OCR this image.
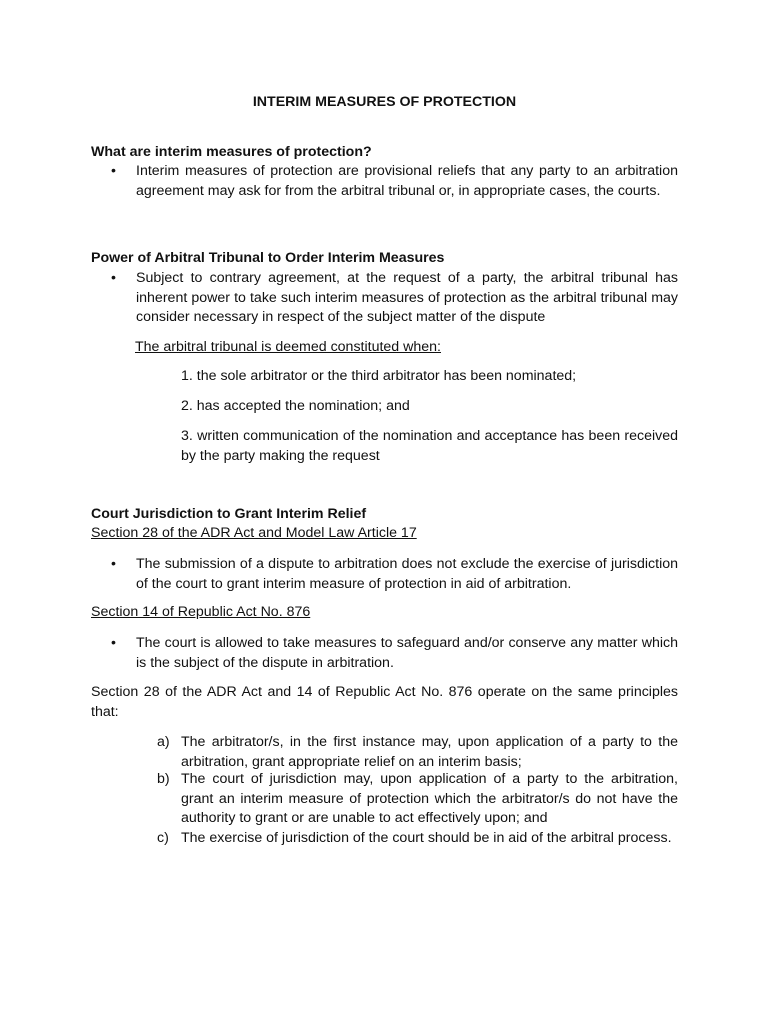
INTERIM MEASURES OF PROTECTION
What are interim measures of protection?
• Interim measures of protection are provisional reliefs that any party to an arbitration agreement may ask for from the arbitral tribunal or, in appropriate cases, the courts.
Power of Arbitral Tribunal to Order Interim Measures
• Subject to contrary agreement, at the request of a party, the arbitral tribunal has inherent power to take such interim measures of protection as the arbitral tribunal may consider necessary in respect of the subject matter of the dispute
The arbitral tribunal is deemed constituted when:
1. the sole arbitrator or the third arbitrator has been nominated;
2. has accepted the nomination; and
3. written communication of the nomination and acceptance has been received by the party making the request
Court Jurisdiction to Grant Interim Relief
Section 28 of the ADR Act and Model Law Article 17
• The submission of a dispute to arbitration does not exclude the exercise of jurisdiction of the court to grant interim measure of protection in aid of arbitration.
Section 14 of Republic Act No. 876
• The court is allowed to take measures to safeguard and/or conserve any matter which is the subject of the dispute in arbitration.
Section 28 of the ADR Act and 14 of Republic Act No. 876 operate on the same principles that:
a) The arbitrator/s, in the first instance may, upon application of a party to the arbitration, grant appropriate relief on an interim basis;
b) The court of jurisdiction may, upon application of a party to the arbitration, grant an interim measure of protection which the arbitrator/s do not have the authority to grant or are unable to act effectively upon; and
c) The exercise of jurisdiction of the court should be in aid of the arbitral process.
